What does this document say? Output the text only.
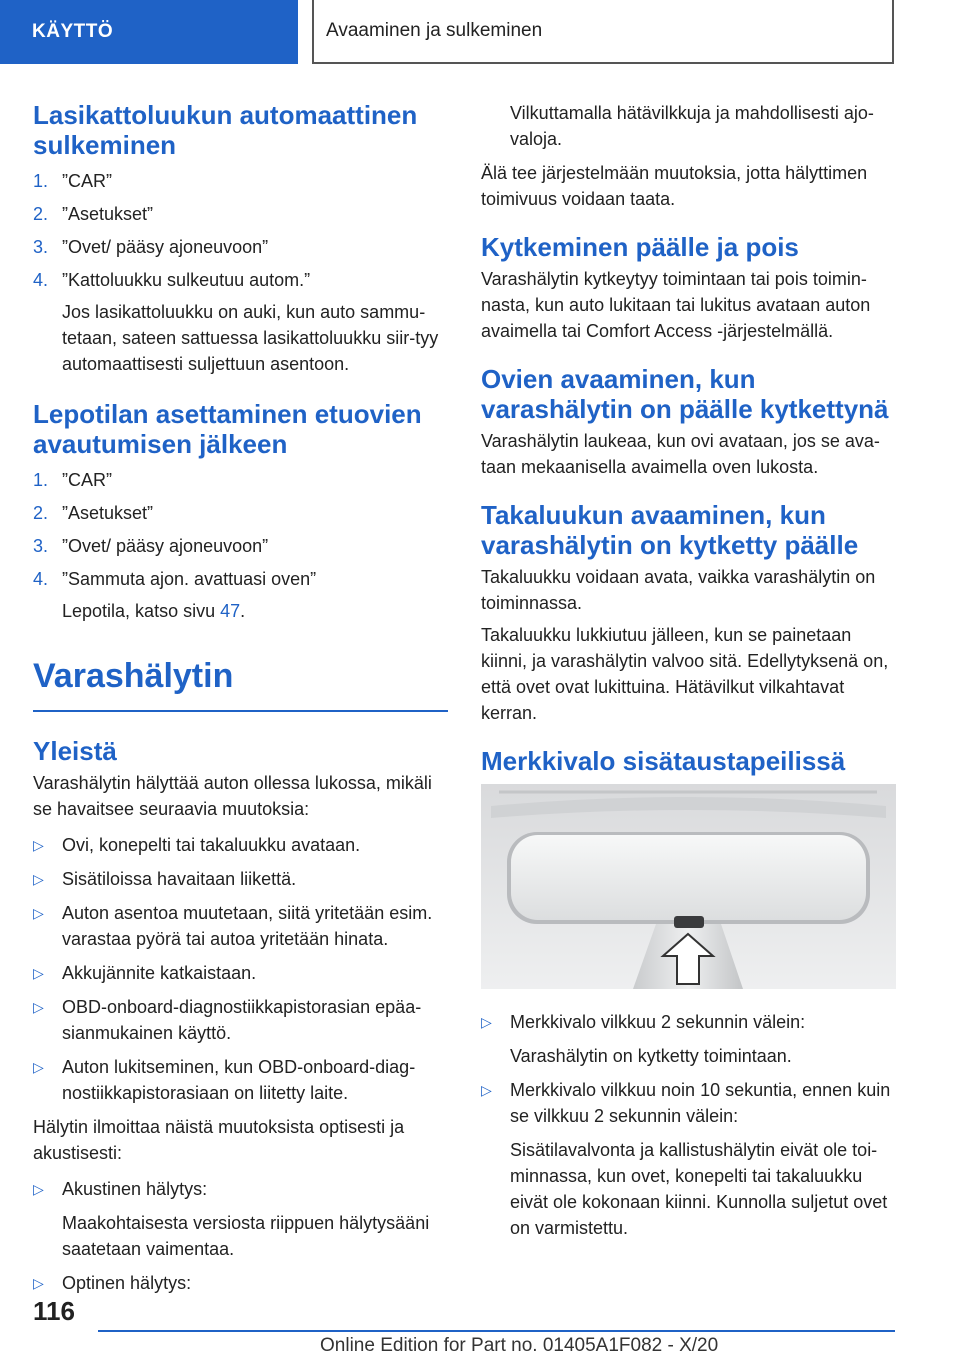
KÄYTTÖ	Avaaminen ja sulkeminen
Lasikattoluukun automaattinen sulkeminen
1. ”CAR”
2. ”Asetukset”
3. ”Ovet/ pääsy ajoneuvoon”
4. ”Kattoluukku sulkeutuu autom.”
Jos lasikattoluukku on auki, kun auto sammu-tetaan, sateen sattuessa lasikattoluukku siir-tyy automaattisesti suljettuun asentoon.
Lepotilan asettaminen etuovien avautumisen jälkeen
1. ”CAR”
2. ”Asetukset”
3. ”Ovet/ pääsy ajoneuvoon”
4. ”Sammuta ajon. avattuasi oven”
Lepotila, katso sivu 47.
Varashälytin
Yleistä

Varashälytin hälyttää auton ollessa lukossa, mikäli se havaitsee seuraavia muutoksia:

▷	Ovi, konepelti tai takaluukku avataan.
▷	Sisätiloissa havaitaan liikettä.
▷	Auton asentoa muutetaan, siitä yritetään esim. varastaa pyörä tai autoa yritetään hinata.
▷	Akkujännite katkaistaan.
▷	OBD-onboard-diagnostiikkapistorasian epäa-sianmukainen käyttö.
▷	Auton lukitseminen, kun OBD-onboard-diag-nostiikkapistorasiaan on liitetty laite.

Hälytin ilmoittaa näistä muutoksista optisesti ja akustisesti:

▷	Akustinen hälytys:
Maakohtaisesta versiosta riippuen hälytysääni saatetaan vaimentaa.
▷	Optinen hälytys:
Vilkuttamalla hätävilkkuja ja mahdollisesti ajo-valoja.

Älä tee järjestelmään muutoksia, jotta hälyttimen toimivuus voidaan taata.

Kytkeminen päälle ja pois

Varashälytin kytkeytyy toimintaan tai pois toimin-nasta, kun auto lukitaan tai lukitus avataan auton avaimella tai Comfort Access -järjestelmällä.

Ovien avaaminen, kun varashälytin on päälle kytkettynä

Varashälytin laukeaa, kun ovi avataan, jos se ava-taan mekaanisella avaimella oven lukosta.

Takaluukun avaaminen, kun varashälytin on kytketty päälle

Takaluukku voidaan avata, vaikka varashälytin on toiminnassa.

Takaluukku lukkiutuu jälleen, kun se painetaan kiinni, ja varashälytin valvoo sitä. Edellytyksenä on, että ovet ovat lukittuina. Hätävilkut vilkahtavat kerran.

Merkkivalo sisätaustapeilissä
▷	Merkkivalo vilkkuu 2 sekunnin välein:
Varashälytin on kytketty toimintaan.
▷	Merkkivalo vilkkuu noin 10 sekuntia, ennen kuin se vilkkuu 2 sekunnin välein:
Sisätilavalvonta ja kallistushälytin eivät ole toi-minnassa, kun ovet, konepelti tai takaluukku eivät ole kokonaan kiinni. Kunnolla suljetut ovet on varmistettu.
116
Online Edition for Part no. 01405A1F082 - X/20
